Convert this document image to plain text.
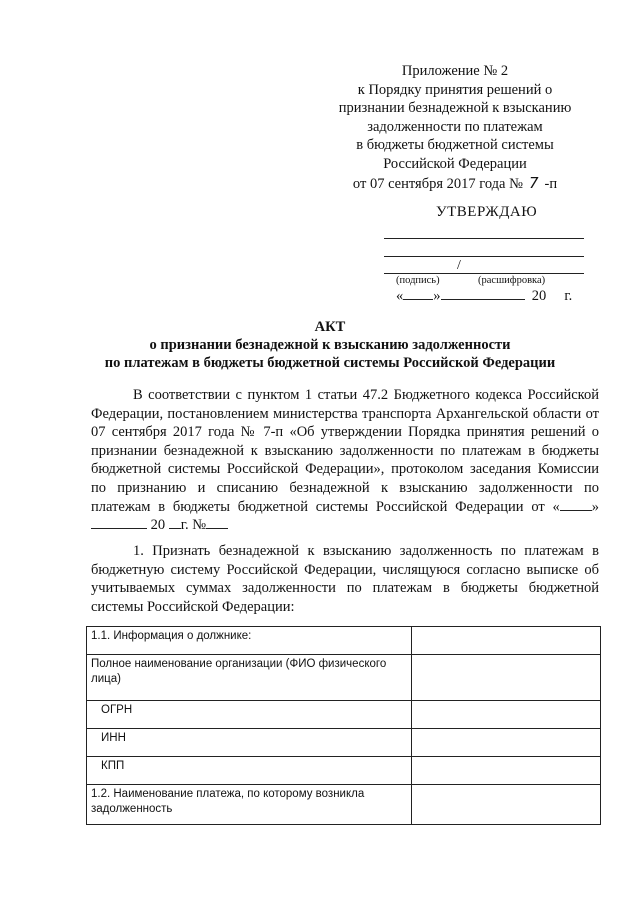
Приложение № 2
к Порядку принятия решений о
признании безнадежной к взысканию
задолженности по платежам
в бюджеты бюджетной системы
Российской Федерации
от 07 сентября 2017 года № 7 -п
УТВЕРЖДАЮ
/
(подпись)	(расшифровка)
« »	20 г.
АКТ
о признании безнадежной к взысканию задолженности
по платежам в бюджеты бюджетной системы Российской Федерации
В соответствии с пунктом 1 статьи 47.2 Бюджетного кодекса Российской Федерации, постановлением министерства транспорта Архангельской области от 07 сентября 2017 года № 7-п «Об утверждении Порядка принятия решений о признании безнадежной к взысканию задолженности по платежам в бюджеты бюджетной системы Российской Федерации», протоколом заседания Комиссии по признанию и списанию безнадежной к взысканию задолженности по платежам в бюджеты бюджетной системы Российской Федерации от « »  20 г. №
1. Признать безнадежной к взысканию задолженность по платежам в бюджетную систему Российской Федерации, числящуюся согласно выписке об учитываемых суммах задолженности по платежам в бюджеты бюджетной системы Российской Федерации:
1.1. Информация о должнике:	
Полное наименование организации (ФИО физического лица)	
ОГРН	
ИНН	
КПП	
1.2. Наименование платежа, по которому возникла задолженность	
